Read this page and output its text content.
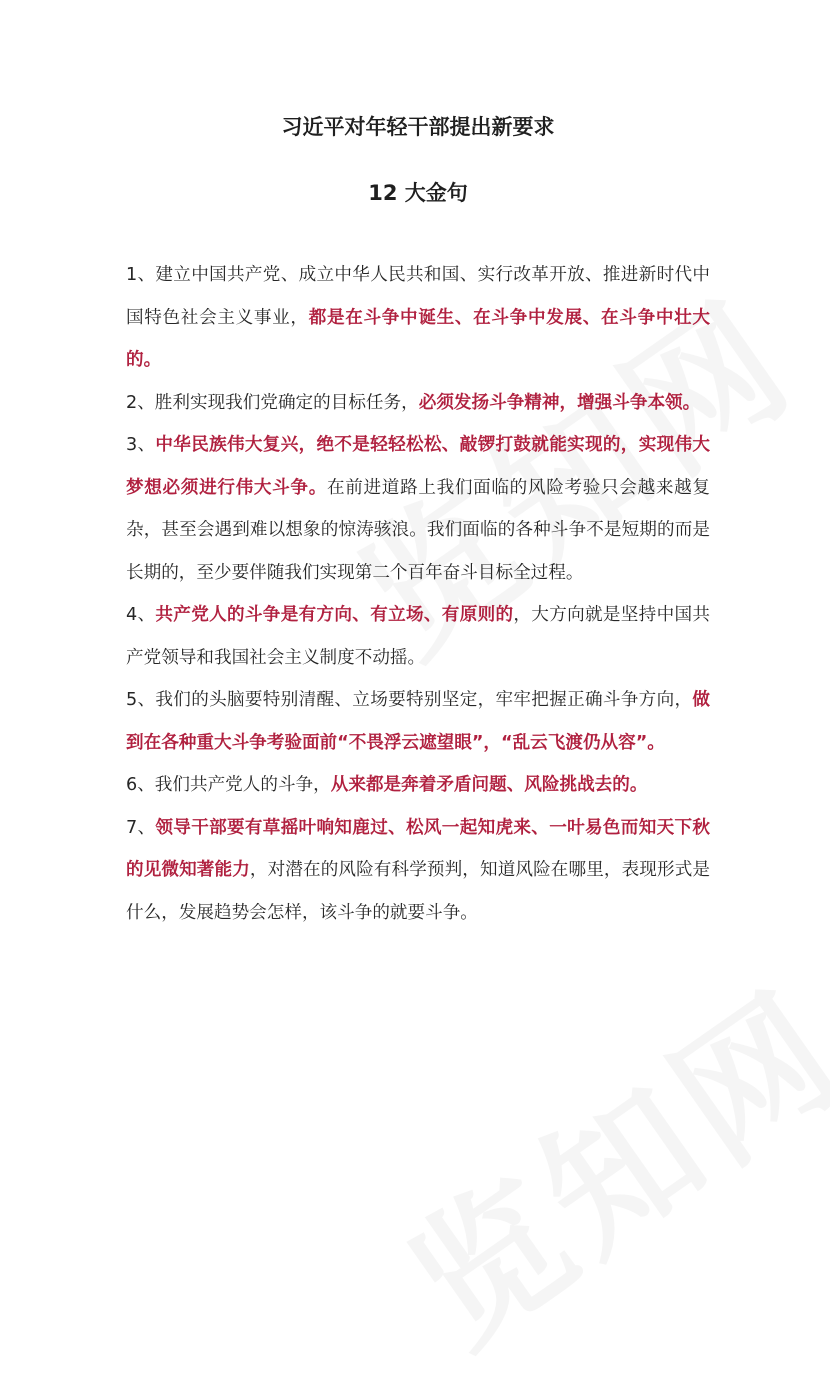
习近平对年轻干部提出新要求
12 大金句

1、建立中国共产党、成立中华人民共和国、实行改革开放、推进新时代中国特色社会主义事业，都是在斗争中诞生、在斗争中发展、在斗争中壮大的。

2、胜利实现我们党确定的目标任务，必须发扬斗争精神，增强斗争本领。

3、中华民族伟大复兴，绝不是轻轻松松、敲锣打鼓就能实现的，实现伟大梦想必须进行伟大斗争。在前进道路上我们面临的风险考验只会越来越复杂，甚至会遇到难以想象的惊涛骇浪。我们面临的各种斗争不是短期的而是长期的，至少要伴随我们实现第二个百年奋斗目标全过程。

4、共产党人的斗争是有方向、有立场、有原则的，大方向就是坚持中国共产党领导和我国社会主义制度不动摇。

5、我们的头脑要特别清醒、立场要特别坚定，牢牢把握正确斗争方向，做到在各种重大斗争考验面前“不畏浮云遮望眼”，“乱云飞渡仍从容”。

6、我们共产党人的斗争，从来都是奔着矛盾问题、风险挑战去的。

7、领导干部要有草摇叶响知鹿过、松风一起知虎来、一叶易色而知天下秋的见微知著能力，对潜在的风险有科学预判，知道风险在哪里，表现形式是什么，发展趋势会怎样，该斗争的就要斗争。
